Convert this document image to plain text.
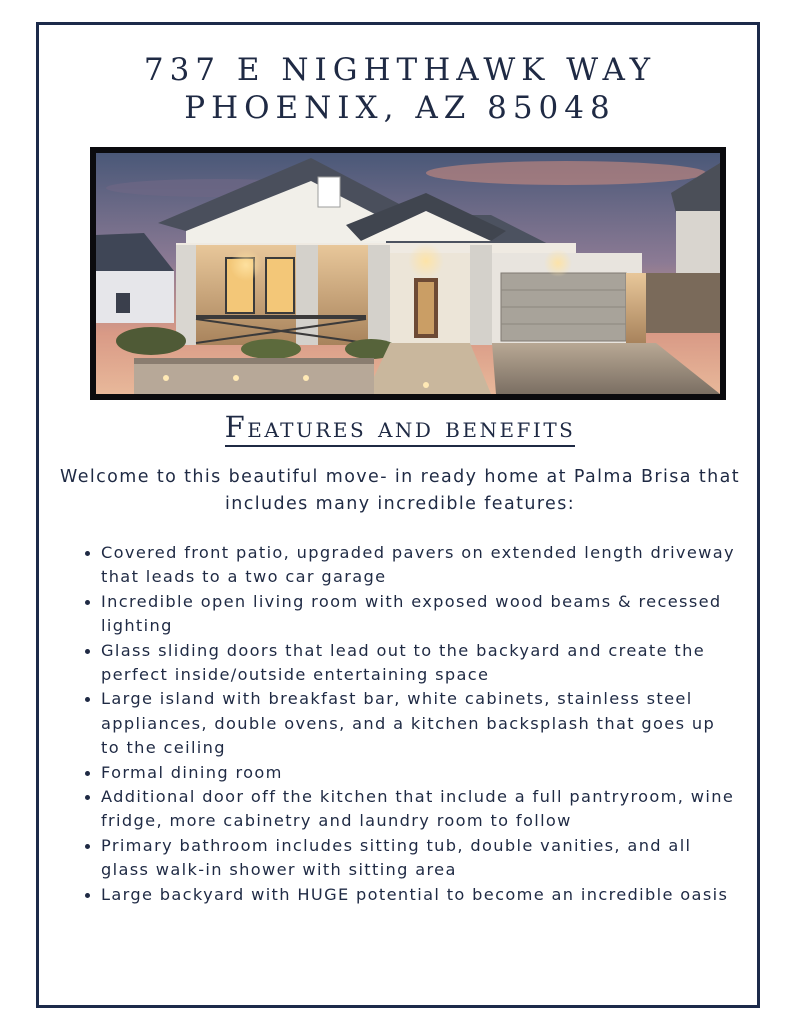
737 E NIGHTHAWK WAY
PHOENIX, AZ 85048
Features and benefits
Welcome to this beautiful move- in ready home at Palma Brisa that includes many incredible features:
Covered front patio, upgraded pavers on extended length driveway that leads to a two car garage
Incredible open living room with exposed wood beams & recessed lighting
Glass sliding doors that lead out to the backyard and create the perfect inside/outside entertaining space
Large island with breakfast bar, white cabinets, stainless steel appliances, double ovens, and a kitchen backsplash that goes up to the ceiling
Formal dining room
Additional door off the kitchen that include a full pantryroom, wine fridge, more cabinetry and laundry room to follow
Primary bathroom includes sitting tub, double vanities, and all glass walk-in shower with sitting area
Large backyard with HUGE potential to become an incredible oasis
